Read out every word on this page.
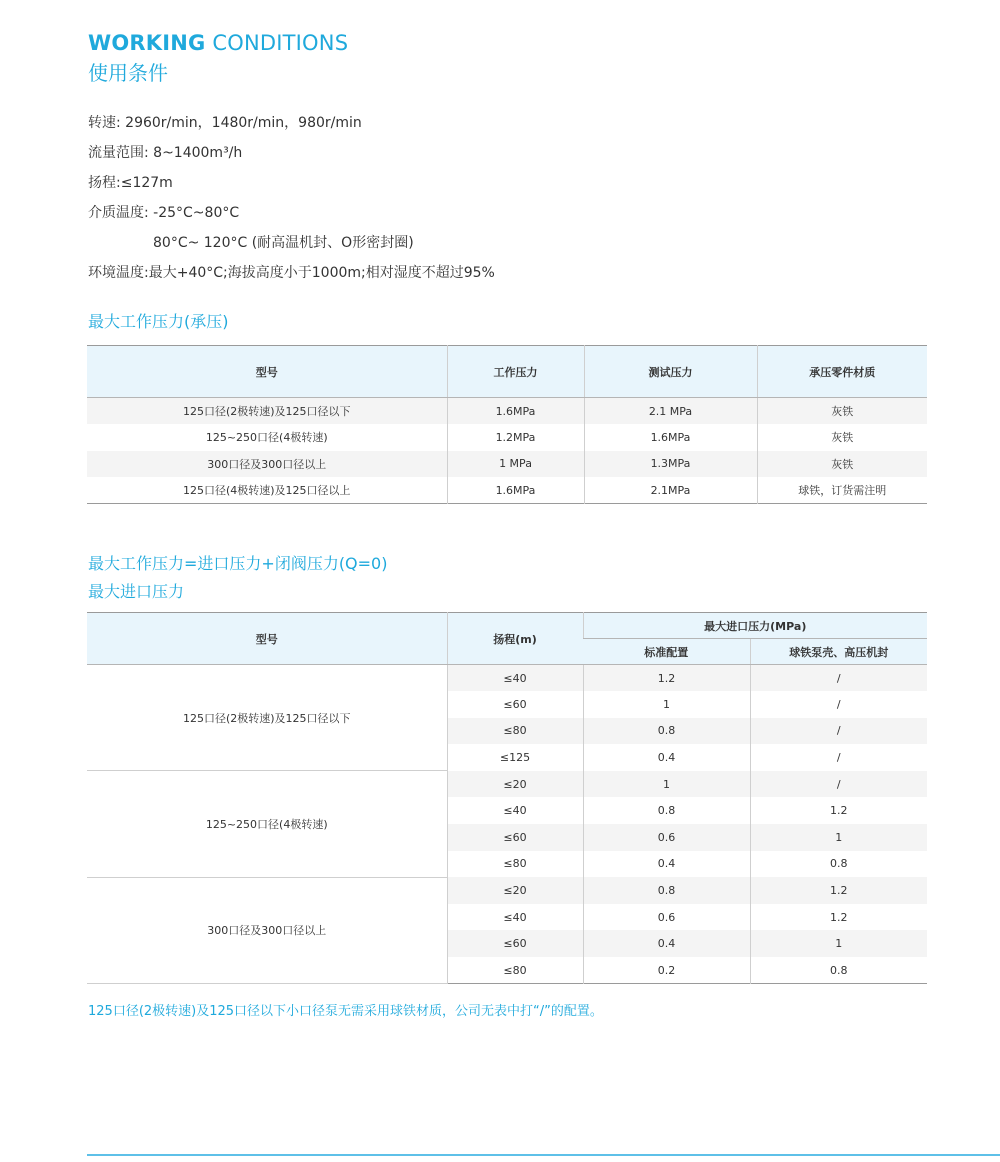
WORKING CONDITIONS
使用条件
转速: 2960r/min，1480r/min，980r/min
流量范围: 8~1400m³/h
扬程:≤127m
介质温度: -25°C~80°C
80°C~ 120°C (耐高温机封、O形密封圈)
环境温度:最大+40°C;海拔高度小于1000m;相对湿度不超过95%
最大工作压力(承压)
型号	工作压力	测试压力	承压零件材质
125口径(2极转速)及125口径以下	1.6MPa	2.1 MPa	灰铁
125~250口径(4极转速)	1.2MPa	1.6MPa	灰铁
300口径及300口径以上	1 MPa	1.3MPa	灰铁
125口径(4极转速)及125口径以上	1.6MPa	2.1MPa	球铁，订货需注明
最大工作压力=进口压力+闭阀压力(Q=0)
最大进口压力
型号	扬程(m)	最大进口压力(MPa)	
		标准配置	球铁泵壳、高压机封
125口径(2极转速)及125口径以下	≤40	1.2	/
	≤60	1	/
	≤80	0.8	/
	≤125	0.4	/
125~250口径(4极转速)	≤20	1	/
	≤40	0.8	1.2
	≤60	0.6	1
	≤80	0.4	0.8
300口径及300口径以上	≤20	0.8	1.2
	≤40	0.6	1.2
	≤60	0.4	1
	≤80	0.2	0.8
125口径(2极转速)及125口径以下小口径泵无需采用球铁材质，公司无表中打“/”的配置。
